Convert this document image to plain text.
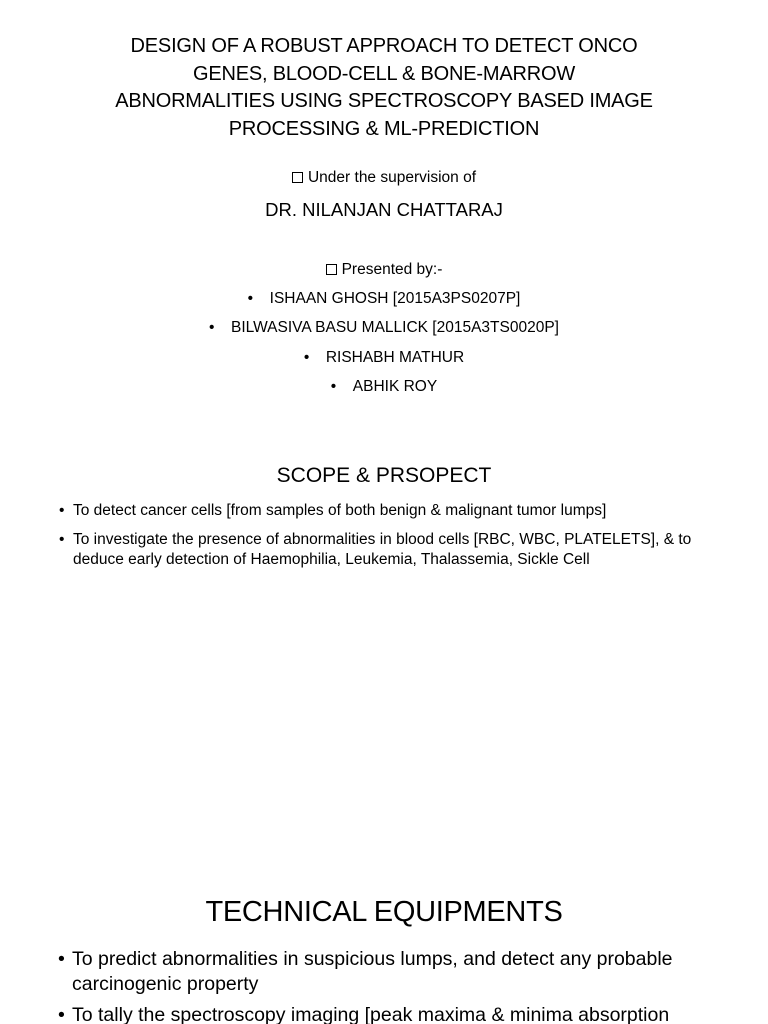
DESIGN OF A ROBUST APPROACH TO DETECT ONCO
GENES, BLOOD-CELL & BONE-MARROW
ABNORMALITIES USING SPECTROSCOPY BASED IMAGE
PROCESSING & ML-PREDICTION
Under the supervision of
DR. NILANJAN CHATTARAJ
Presented by:-
• ISHAAN GHOSH [2015A3PS0207P]
• BILWASIVA BASU MALLICK [2015A3TS0020P]
• RISHABH MATHUR
• ABHIK ROY
SCOPE & PRSOPECT
• To detect cancer cells [from samples of both benign & malignant tumor lumps]
• To investigate the presence of abnormalities in blood cells [RBC, WBC, PLATELETS], & to deduce early detection of Haemophilia, Leukemia, Thalassemia, Sickle Cell
TECHNICAL EQUIPMENTS
• To predict abnormalities in suspicious lumps, and detect any probable carcinogenic property
• To tally the spectroscopy imaging [peak maxima & minima absorption
